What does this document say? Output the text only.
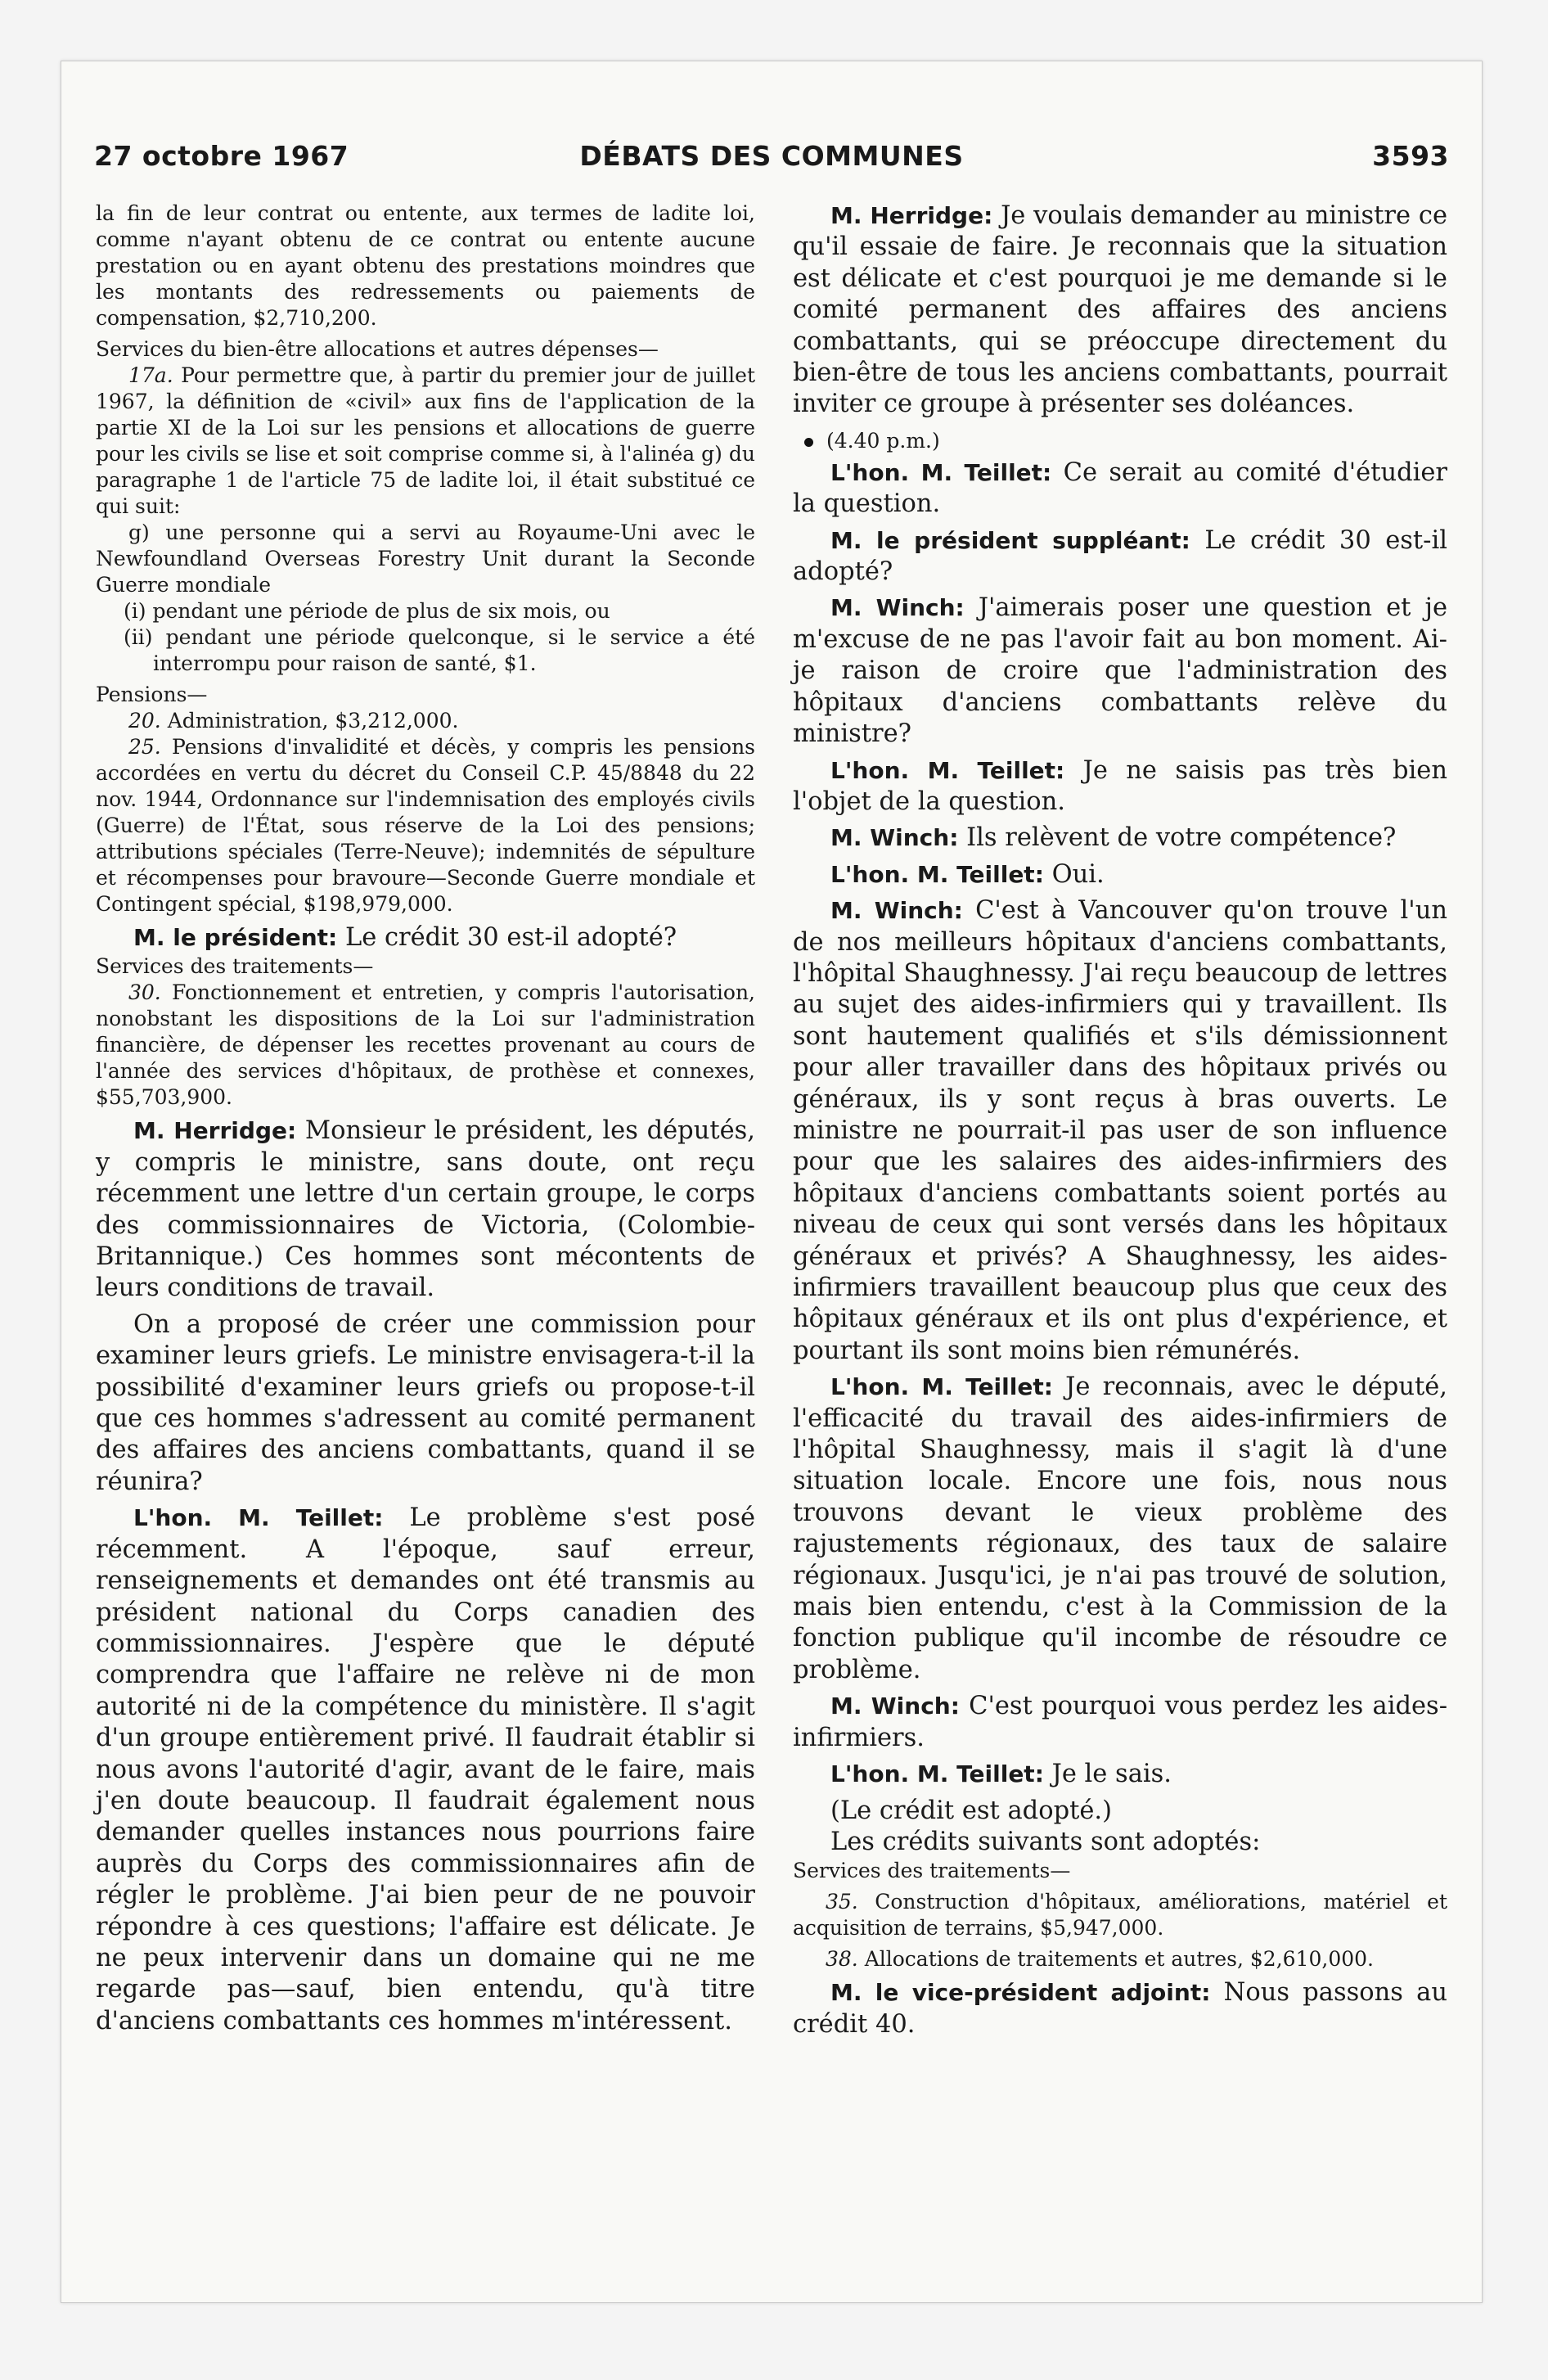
27 octobre 1967	DÉBATS DES COMMUNES	3593

la fin de leur contrat ou entente, aux termes de ladite loi, comme n'ayant obtenu de ce contrat ou entente aucune prestation ou en ayant obtenu des prestations moindres que les montants des redressements ou paiements de compensation, $2,710,200.

Services du bien-être allocations et autres dépenses—

17a. Pour permettre que, à partir du premier jour de juillet 1967, la définition de «civil» aux fins de l'application de la partie XI de la Loi sur les pensions et allocations de guerre pour les civils se lise et soit comprise comme si, à l'alinéa g) du paragraphe 1 de l'article 75 de ladite loi, il était substitué ce qui suit:

g) une personne qui a servi au Royaume-Uni avec le Newfoundland Overseas Forestry Unit durant la Seconde Guerre mondiale

(i) pendant une période de plus de six mois, ou

(ii) pendant une période quelconque, si le service a été interrompu pour raison de santé, $1.

Pensions—

20. Administration, $3,212,000.

25. Pensions d'invalidité et décès, y compris les pensions accordées en vertu du décret du Conseil C.P. 45/8848 du 22 nov. 1944, Ordonnance sur l'indemnisation des employés civils (Guerre) de l'État, sous réserve de la Loi des pensions; attributions spéciales (Terre-Neuve); indemnités de sépulture et récompenses pour bravoure—Seconde Guerre mondiale et Contingent spécial, $198,979,000.

M. le président: Le crédit 30 est-il adopté?

Services des traitements—

30. Fonctionnement et entretien, y compris l'autorisation, nonobstant les dispositions de la Loi sur l'administration financière, de dépenser les recettes provenant au cours de l'année des services d'hôpitaux, de prothèse et connexes, $55,703,900.

M. Herridge: Monsieur le président, les députés, y compris le ministre, sans doute, ont reçu récemment une lettre d'un certain groupe, le corps des commissionnaires de Victoria, (Colombie-Britannique.) Ces hommes sont mécontents de leurs conditions de travail.

On a proposé de créer une commission pour examiner leurs griefs. Le ministre envisagera-t-il la possibilité d'examiner leurs griefs ou propose-t-il que ces hommes s'adressent au comité permanent des affaires des anciens combattants, quand il se réunira?

L'hon. M. Teillet: Le problème s'est posé récemment. A l'époque, sauf erreur, renseignements et demandes ont été transmis au président national du Corps canadien des commissionnaires. J'espère que le député comprendra que l'affaire ne relève ni de mon autorité ni de la compétence du ministère. Il s'agit d'un groupe entièrement privé. Il faudrait établir si nous avons l'autorité d'agir, avant de le faire, mais j'en doute beaucoup. Il faudrait également nous demander quelles instances nous pourrions faire auprès du Corps des commissionnaires afin de régler le problème. J'ai bien peur de ne pouvoir répondre à ces questions; l'affaire est délicate. Je ne peux intervenir dans un domaine qui ne me regarde pas—sauf, bien entendu, qu'à titre d'anciens combattants ces hommes m'intéressent.

M. Herridge: Je voulais demander au ministre ce qu'il essaie de faire. Je reconnais que la situation est délicate et c'est pourquoi je me demande si le comité permanent des affaires des anciens combattants, qui se préoccupe directement du bien-être de tous les anciens combattants, pourrait inviter ce groupe à présenter ses doléances.

(4.40 p.m.)

L'hon. M. Teillet: Ce serait au comité d'étudier la question.

M. le président suppléant: Le crédit 30 est-il adopté?

M. Winch: J'aimerais poser une question et je m'excuse de ne pas l'avoir fait au bon moment. Ai-je raison de croire que l'administration des hôpitaux d'anciens combattants relève du ministre?

L'hon. M. Teillet: Je ne saisis pas très bien l'objet de la question.

M. Winch: Ils relèvent de votre compétence?

L'hon. M. Teillet: Oui.

M. Winch: C'est à Vancouver qu'on trouve l'un de nos meilleurs hôpitaux d'anciens combattants, l'hôpital Shaughnessy. J'ai reçu beaucoup de lettres au sujet des aides-infirmiers qui y travaillent. Ils sont hautement qualifiés et s'ils démissionnent pour aller travailler dans des hôpitaux privés ou généraux, ils y sont reçus à bras ouverts. Le ministre ne pourrait-il pas user de son influence pour que les salaires des aides-infirmiers des hôpitaux d'anciens combattants soient portés au niveau de ceux qui sont versés dans les hôpitaux généraux et privés? A Shaughnessy, les aides-infirmiers travaillent beaucoup plus que ceux des hôpitaux généraux et ils ont plus d'expérience, et pourtant ils sont moins bien rémunérés.

L'hon. M. Teillet: Je reconnais, avec le député, l'efficacité du travail des aides-infirmiers de l'hôpital Shaughnessy, mais il s'agit là d'une situation locale. Encore une fois, nous nous trouvons devant le vieux problème des rajustements régionaux, des taux de salaire régionaux. Jusqu'ici, je n'ai pas trouvé de solution, mais bien entendu, c'est à la Commission de la fonction publique qu'il incombe de résoudre ce problème.

M. Winch: C'est pourquoi vous perdez les aides-infirmiers.

L'hon. M. Teillet: Je le sais.

(Le crédit est adopté.)

Les crédits suivants sont adoptés:

Services des traitements—

35. Construction d'hôpitaux, améliorations, matériel et acquisition de terrains, $5,947,000.

38. Allocations de traitements et autres, $2,610,000.

M. le vice-président adjoint: Nous passons au crédit 40.
